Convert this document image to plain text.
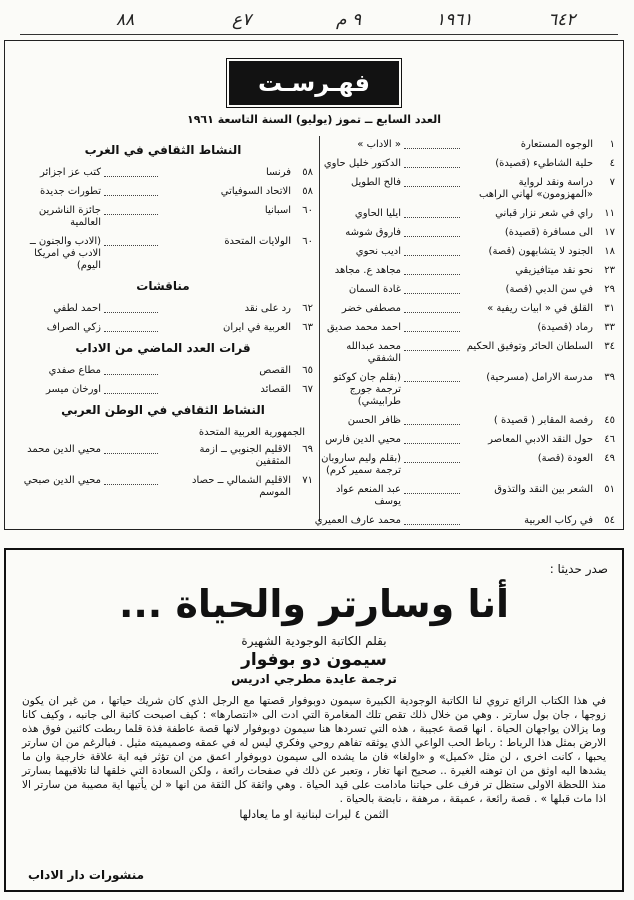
٨٨	٧ع	٩ م	١٩٦١	٦٤٢
فهـرسـت
العدد السابع ــ تموز (يوليو) السنة التاسعة ١٩٦١
١
الوجوه المستعارة
« الاداب »
٤
حلية الشاطيء (قصيدة)
الدكتور خليل حاوي
٧
دراسة ونقد لرواية «المهزومون» لهاني الراهب
فالح الطويل
١١
راي في شعر نزار قباني
ايليا الحاوي
١٧
الى مسافرة (قصيدة)
فاروق شوشه
١٨
الجنود لا يتشابهون (قصة)
اديب نحوي
٢٣
نحو نقد ميتافيزيقي
مجاهد ع. مجاهد
٢٩
في سن الدبي (قصة)
غادة السمان
٣١
القلق في « ابيات ريفية »
مصطفى خضر
٣٣
رماد (قصيدة)
احمد محمد صديق
٣٤
السلطان الحائر وتوفيق الحكيم
محمد عبدالله الشفقي
٣٩
مدرسة الارامل (مسرحية)
(بقلم جان كوكتو ترجمة جورج طرابيشي)
٤٥
رفصة المقابر ( قصيدة )
ظافر الحسن
٤٦
حول النقد الادبي المعاصر
محيي الدين فارس
٤٩
العودة (قصة)
(بقلم وليم ساروبان ترجمة سمير كرم)
٥١
الشعر بين النقد والتذوق
عبد المنعم عواد يوسف
٥٤
في ركاب العربية
محمد عارف العميري
النشاط الثقافي في الغرب
٥٨
فرنسا
كتب عز اجزائر
٥٨
الاتحاد السوفياتي
تطورات جديدة
٦٠
اسبانيا
جائزة الناشرين العالمية
٦٠
الولايات المتحدة
(الادب والجنون ــ الادب في امريكا اليوم)
مناقشات
٦٢
رد على نقد
احمد لطفي
٦٣
العربية في ايران
زكي الصراف
قرات العدد الماضي من الاداب
٦٥
القصص
مطاع صفدي
٦٧
القصائد
اورخان ميسر
النشاط الثقافي في الوطن العربي
الجمهورية العربية المتحدة
٦٩
الاقليم الجنوبي ــ ازمة المثقفين
محيي الدين محمد
٧١
الاقليم الشمالي ــ حصاد الموسم
محيي الدين صبحي
صدر حديثا :
أنا وسارتر والحياة ...
بقلم الكاتبة الوجودية الشهيرة
سيمون دو بوفوار
ترجمة عايدة مطرجي ادريس
في هذا الكتاب الرائع تروي لنا الكاتبة الوجودية الكبيرة سيمون دوبوفوار قصتها مع الرجل الذي كان شريك حياتها ، من غير ان يكون زوجها ، جان بول سارتر . وهي من خلال ذلك تقص تلك المغامرة التي ادت الى «انتصارها» : كيف اصبحت كاتبة الى جانبه ، وكيف كانا وما يزالان يواجهان الحياة . انها قصة عجيبة ، هذه التي تسردها هنا سيمون دوبوفوار لانها قصة عاطفة فذة قلما ربطت كائنين فوق هذه الارض بمثل هذا الرباط : رباط الحب الواعي الذي يوثقه تفاهم روحي وفكري ليس له في عمقه وصميميته مثيل . فبالرغم من ان سارتر يحبها ، كانت اخرى ، لن مثل «كميل» و «اولغا» فان ما يشده الى سيمون دوبوفوار اعمق من ان تؤثر فيه اية علاقة خارجية وان ما يشدها اليه اوثق من ان توهنه الغيرة .. صحيح انها تغار ، وتعبر عن ذلك في صفحات رائعة ، ولكن السعادة التي خلقها لنا تلاقيهما بسارتر منذ اللحظة الاولى ستظل تر فرف على حياتنا مادامت على قيد الحياة . وهي واثقة كل الثقة من انها « لن يأتيها اية مصيبة من سارتر الا اذا مات قبلها » . قصة رائعة ، عميقة ، مرهفة ، نابضة بالحياة .
الثمن ٤ ليرات لبنانية او ما يعادلها
منشورات دار الاداب
